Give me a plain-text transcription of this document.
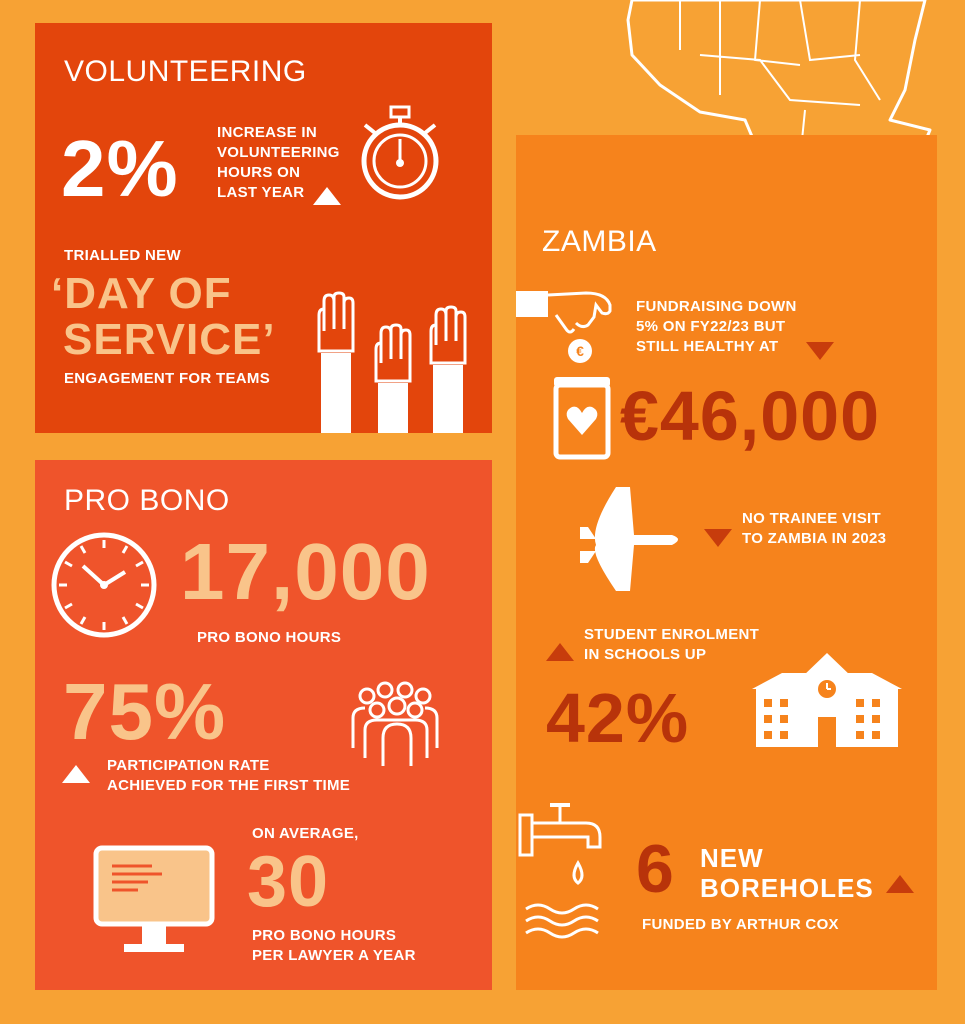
VOLUNTEERING
2%	INCREASE IN
VOLUNTEERING
HOURS ON
LAST YEAR
TRIALLED NEW
‘DAY OF
SERVICE’
ENGAGEMENT FOR TEAMS
PRO BONO
17,000
PRO BONO HOURS
75%
PARTICIPATION RATE
ACHIEVED FOR THE FIRST TIME
ON AVERAGE,
30
PRO BONO HOURS
PER LAWYER A YEAR
ZAMBIA
€
FUNDRAISING DOWN
5% ON FY22/23 BUT
STILL HEALTHY AT
€46,000
NO TRAINEE VISIT
TO ZAMBIA IN 2023
STUDENT ENROLMENT
IN SCHOOLS UP
42%
6 NEW
BOREHOLES
FUNDED BY ARTHUR COX
